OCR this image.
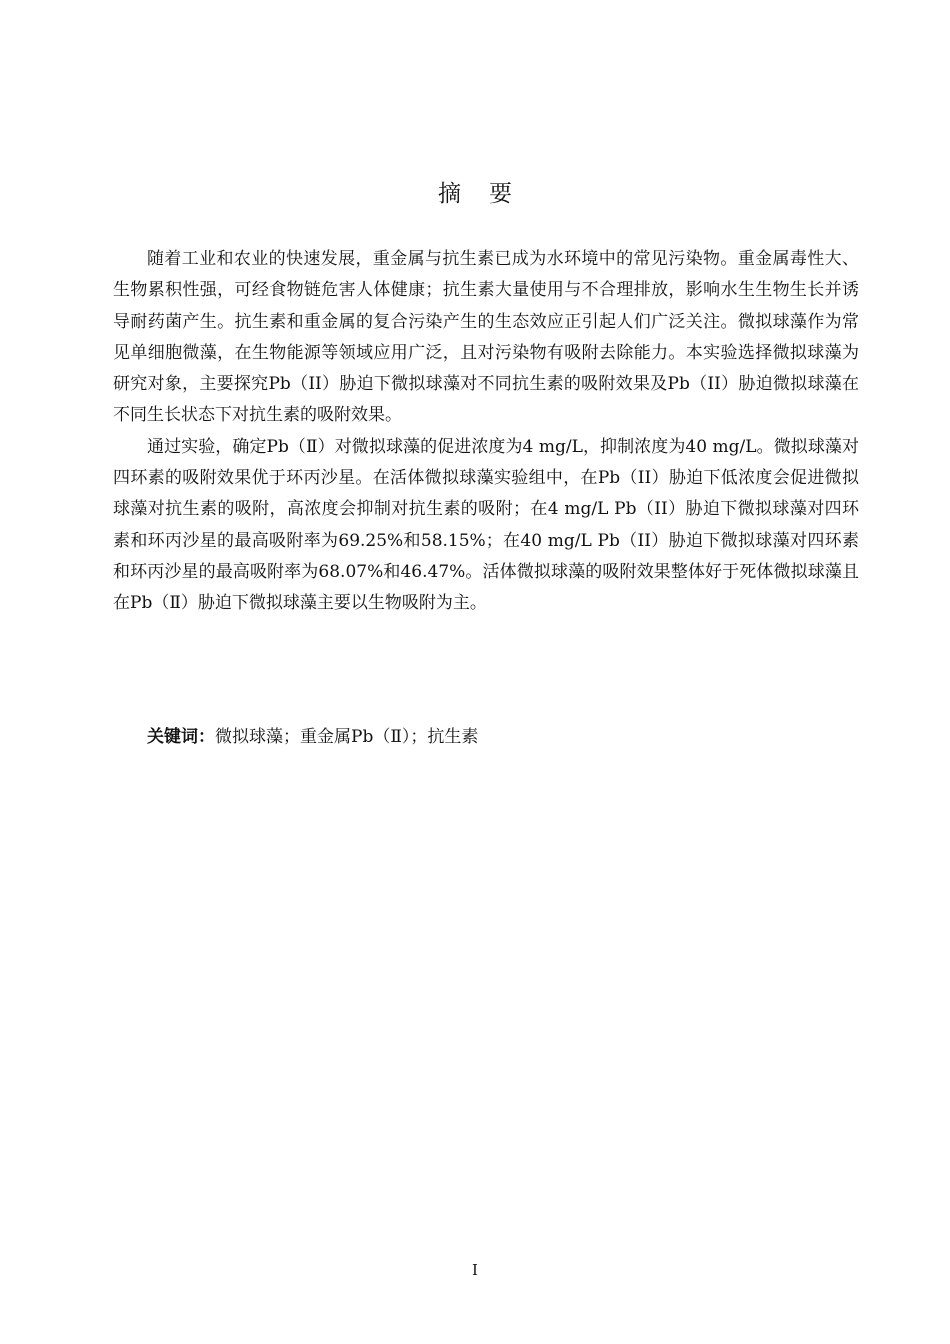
摘要

随着工业和农业的快速发展，重金属与抗生素已成为水环境中的常见污染物。重金属毒性大、生物累积性强，可经食物链危害人体健康；抗生素大量使用与不合理排放，影响水生生物生长并诱导耐药菌产生。抗生素和重金属的复合污染产生的生态效应正引起人们广泛关注。微拟球藻作为常见单细胞微藻，在生物能源等领域应用广泛，且对污染物有吸附去除能力。本实验选择微拟球藻为研究对象，主要探究Pb（II）胁迫下微拟球藻对不同抗生素的吸附效果及Pb（II）胁迫微拟球藻在不同生长状态下对抗生素的吸附效果。

通过实验，确定Pb（Ⅱ）对微拟球藻的促进浓度为4 mg/L，抑制浓度为40 mg/L。微拟球藻对四环素的吸附效果优于环丙沙星。在活体微拟球藻实验组中，在Pb（II）胁迫下低浓度会促进微拟球藻对抗生素的吸附，高浓度会抑制对抗生素的吸附；在4 mg/L Pb（II）胁迫下微拟球藻对四环素和环丙沙星的最高吸附率为69.25%和58.15%；在40 mg/L Pb（II）胁迫下微拟球藻对四环素和环丙沙星的最高吸附率为68.07%和46.47%。活体微拟球藻的吸附效果整体好于死体微拟球藻且在Pb（Ⅱ）胁迫下微拟球藻主要以生物吸附为主。

关键词：微拟球藻；重金属Pb（Ⅱ）；抗生素
I
